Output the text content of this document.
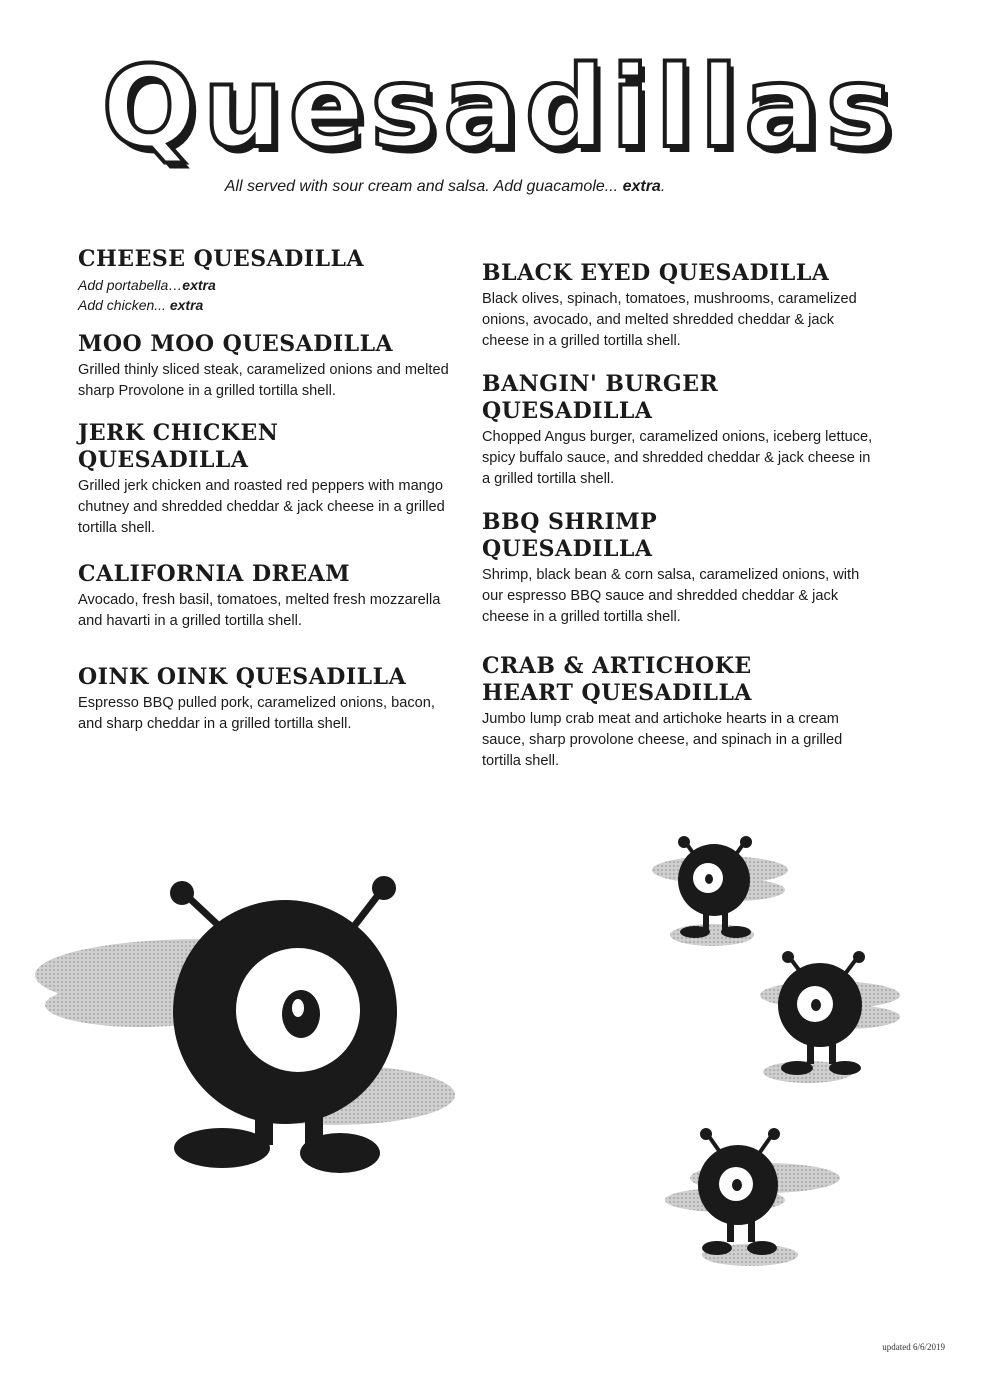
Quesadillas
All served with sour cream and salsa. Add guacamole... extra.
CHEESE QUESADILLA
Add portabella…extra
Add chicken... extra
MOO MOO QUESADILLA

Grilled thinly sliced steak, caramelized onions and melted sharp Provolone in a grilled tortilla shell.

JERK CHICKEN
QUESADILLA

Grilled jerk chicken and roasted red peppers with mango chutney and shredded cheddar & jack cheese in a grilled tortilla shell.

CALIFORNIA DREAM

Avocado, fresh basil, tomatoes, melted fresh mozzarella and havarti in a grilled tortilla shell.

OINK OINK QUESADILLA

Espresso BBQ pulled pork, caramelized onions, bacon, and sharp cheddar in a grilled tortilla shell.

BLACK EYED QUESADILLA

Black olives, spinach, tomatoes, mushrooms, caramelized onions, avocado, and melted shredded cheddar & jack cheese in a grilled tortilla shell.

BANGIN' BURGER
QUESADILLA

Chopped Angus burger, caramelized onions, iceberg lettuce, spicy buffalo sauce, and shredded cheddar & jack cheese in a grilled tortilla shell.

BBQ SHRIMP
QUESADILLA

Shrimp, black bean & corn salsa, caramelized onions, with our espresso BBQ sauce and shredded cheddar & jack cheese in a grilled tortilla shell.

CRAB & ARTICHOKE
HEART QUESADILLA

Jumbo lump crab meat and artichoke hearts in a cream sauce, sharp provolone cheese, and spinach in a grilled tortilla shell.

updated 6/6/2019
